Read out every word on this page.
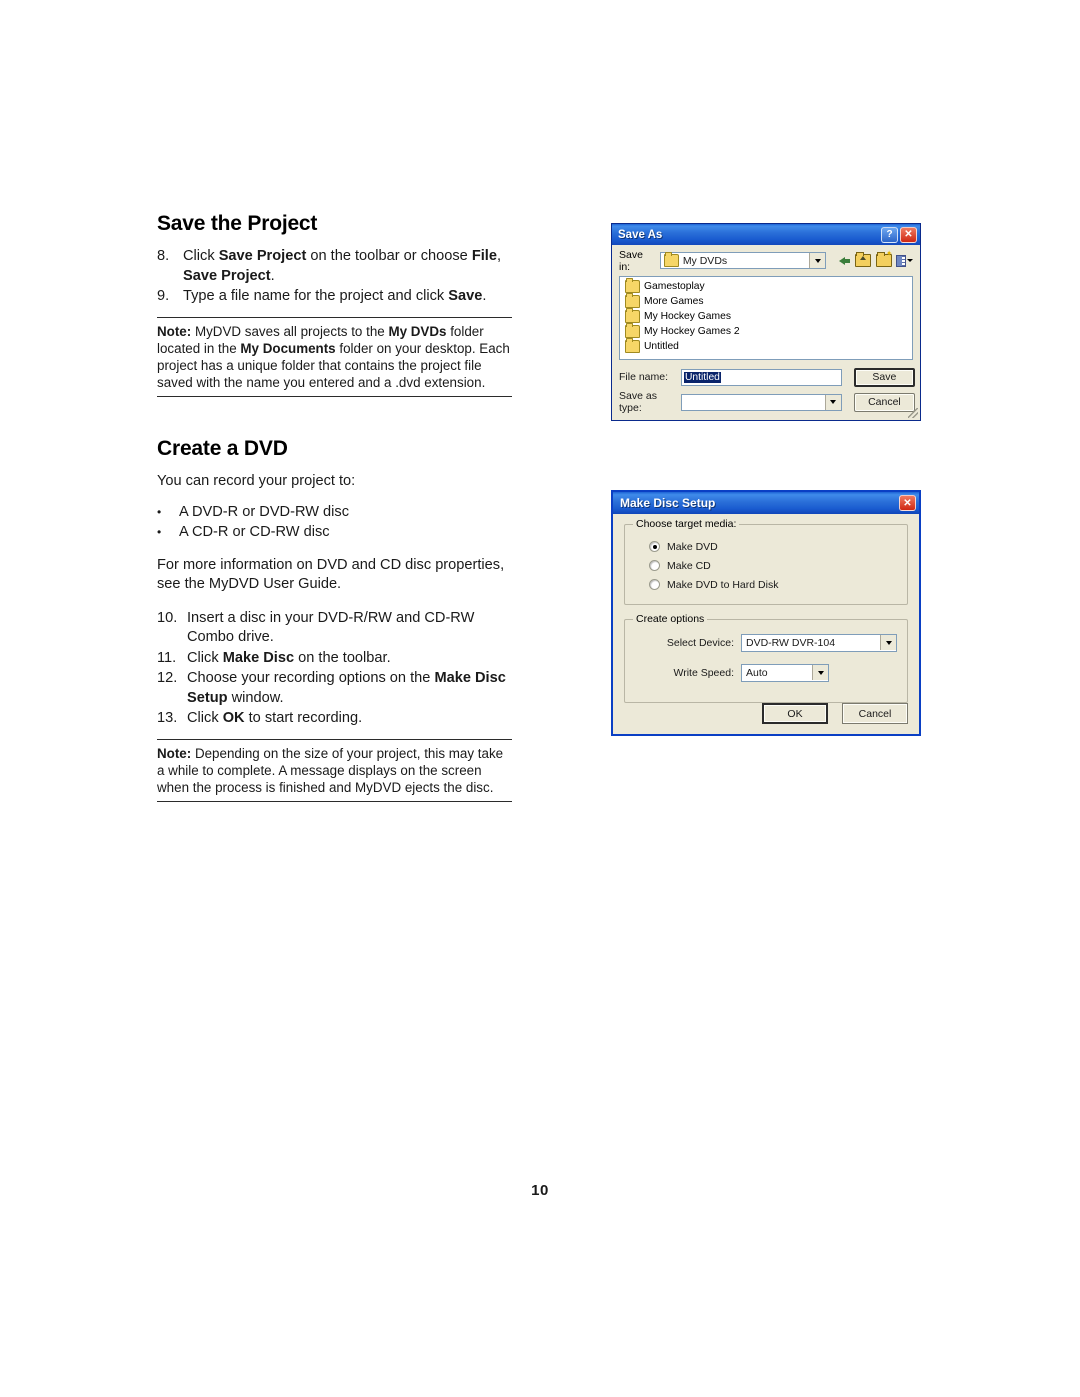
Save the Project
8. Click Save Project on the toolbar or choose File, Save Project.
9. Type a file name for the project and click Save.
Note: MyDVD saves all projects to the My DVDs folder located in the My Documents folder on your desktop. Each project has a unique folder that contains the project file saved with the name you entered and a .dvd extension.
Create a DVD

You can record your project to:

•	A DVD-R or DVD-RW disc
•	A CD-R or CD-RW disc

For more information on DVD and CD disc properties, see the MyDVD User Guide.

10. Insert a disc in your DVD-R/RW and CD-RW Combo drive.
11. Click Make Disc on the toolbar.
12. Choose your recording options on the Make Disc Setup window.
13. Click OK to start recording.
Note: Depending on the size of your project, this may take a while to complete. A message displays on the screen when the process is finished and MyDVD ejects the disc.
Save As	?	✕
Save in:	My DVDs
✦
Gamestoplay
More Games
My Hockey Games
My Hockey Games 2
Untitled
File name:	Untitled	Save
Save as type:	Cancel
Make Disc Setup	✕
Choose target media:
Make DVD
Make CD
Make DVD to Hard Disk
Create options
Select Device:	DVD-RW DVR-104
Write Speed:	Auto
OK	Cancel
10
